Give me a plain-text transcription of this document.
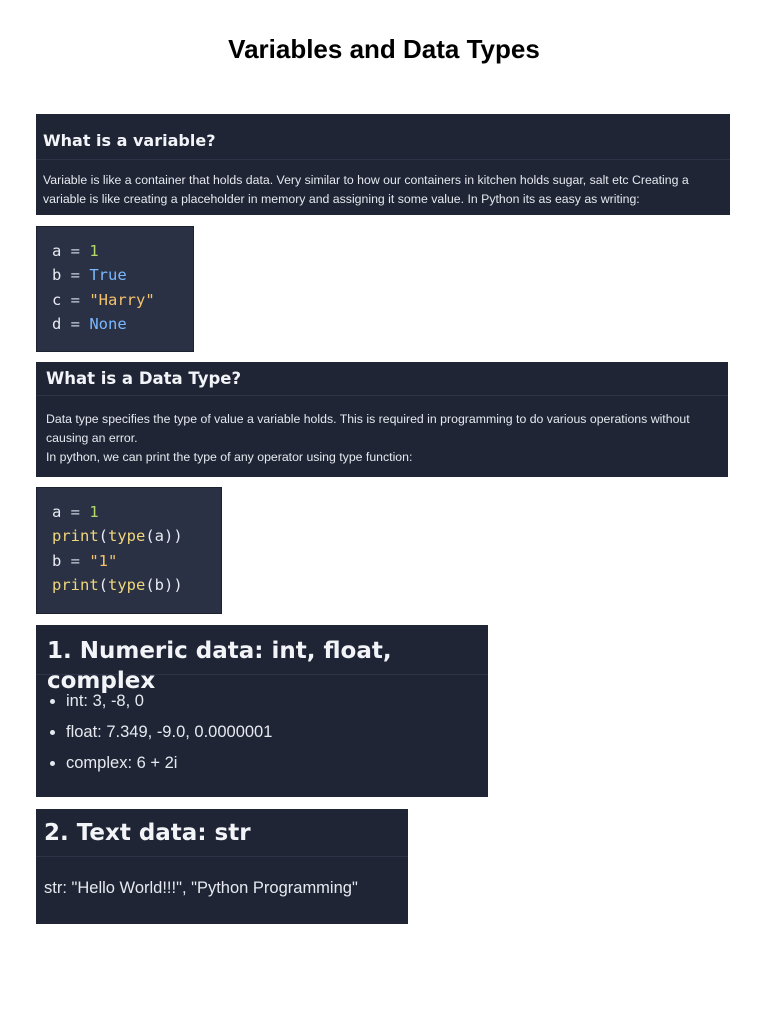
Variables and Data Types
What is a variable?

Variable is like a container that holds data. Very similar to how our containers in kitchen holds sugar, salt etc Creating a variable is like creating a placeholder in memory and assigning it some value. In Python its as easy as writing:

a = 1
b = True
c = "Harry"
d = None
What is a Data Type?

Data type specifies the type of value a variable holds. This is required in programming to do various operations without causing an error.

In python, we can print the type of any operator using type function:

a = 1
print(type(a))
b = "1"
print(type(b))
1. Numeric data: int, float, complex
• int: 3, -8, 0
• float: 7.349, -9.0, 0.0000001
• complex: 6 + 2i
2. Text data: str
str: "Hello World!!!", "Python Programming"
